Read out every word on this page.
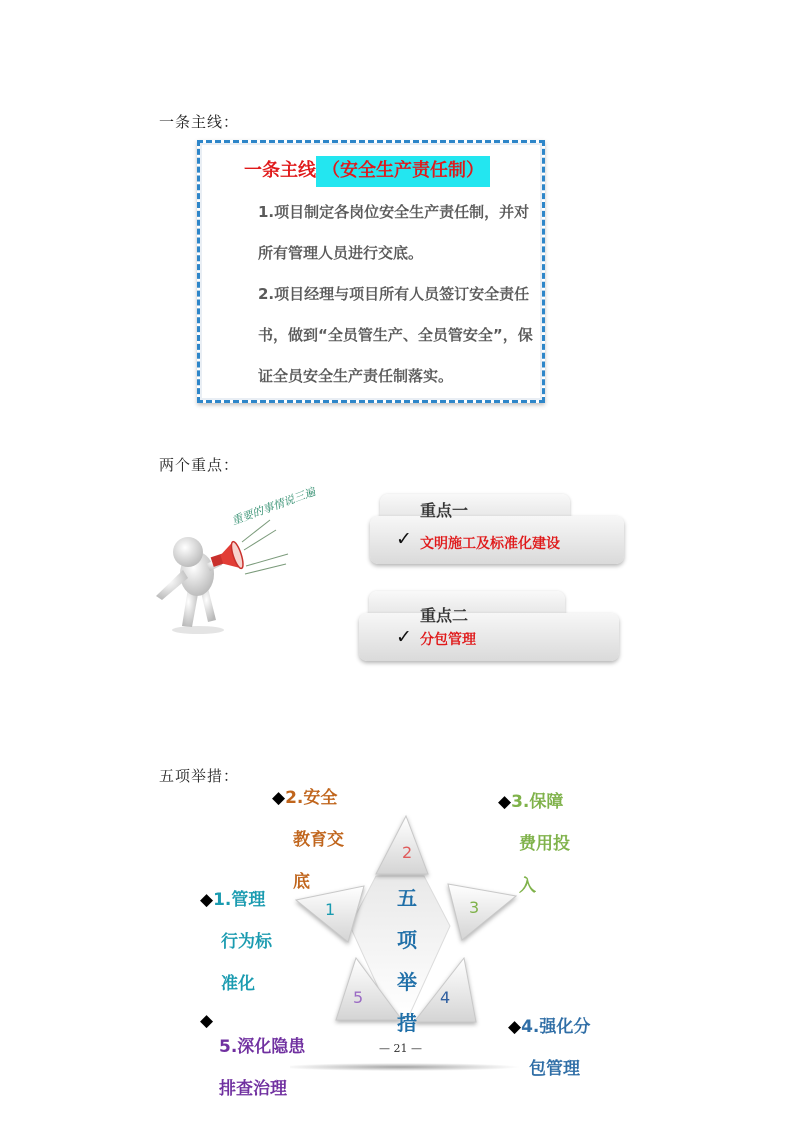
一条主线：
一条主线 （安全生产责任制）
1.项目制定各岗位安全生产责任制，并对所有管理人员进行交底。
2.项目经理与项目所有人员签订安全责任书，做到“全员管生产、全员管安全”，保证全员安全生产责任制落实。
两个重点：
重要的事情说三遍	重点一
✓ 文明施工及标准化建设
重点二
✓ 分包管理
五项举措：
1
2
3
4
5
五
项
举
措
◆1.管理
行为标
准化
◆2.安全
教育交
底
◆3.保障
费用投
入
◆4.强化分
包管理
◆
5.深化隐患
排查治理
— 21 —
